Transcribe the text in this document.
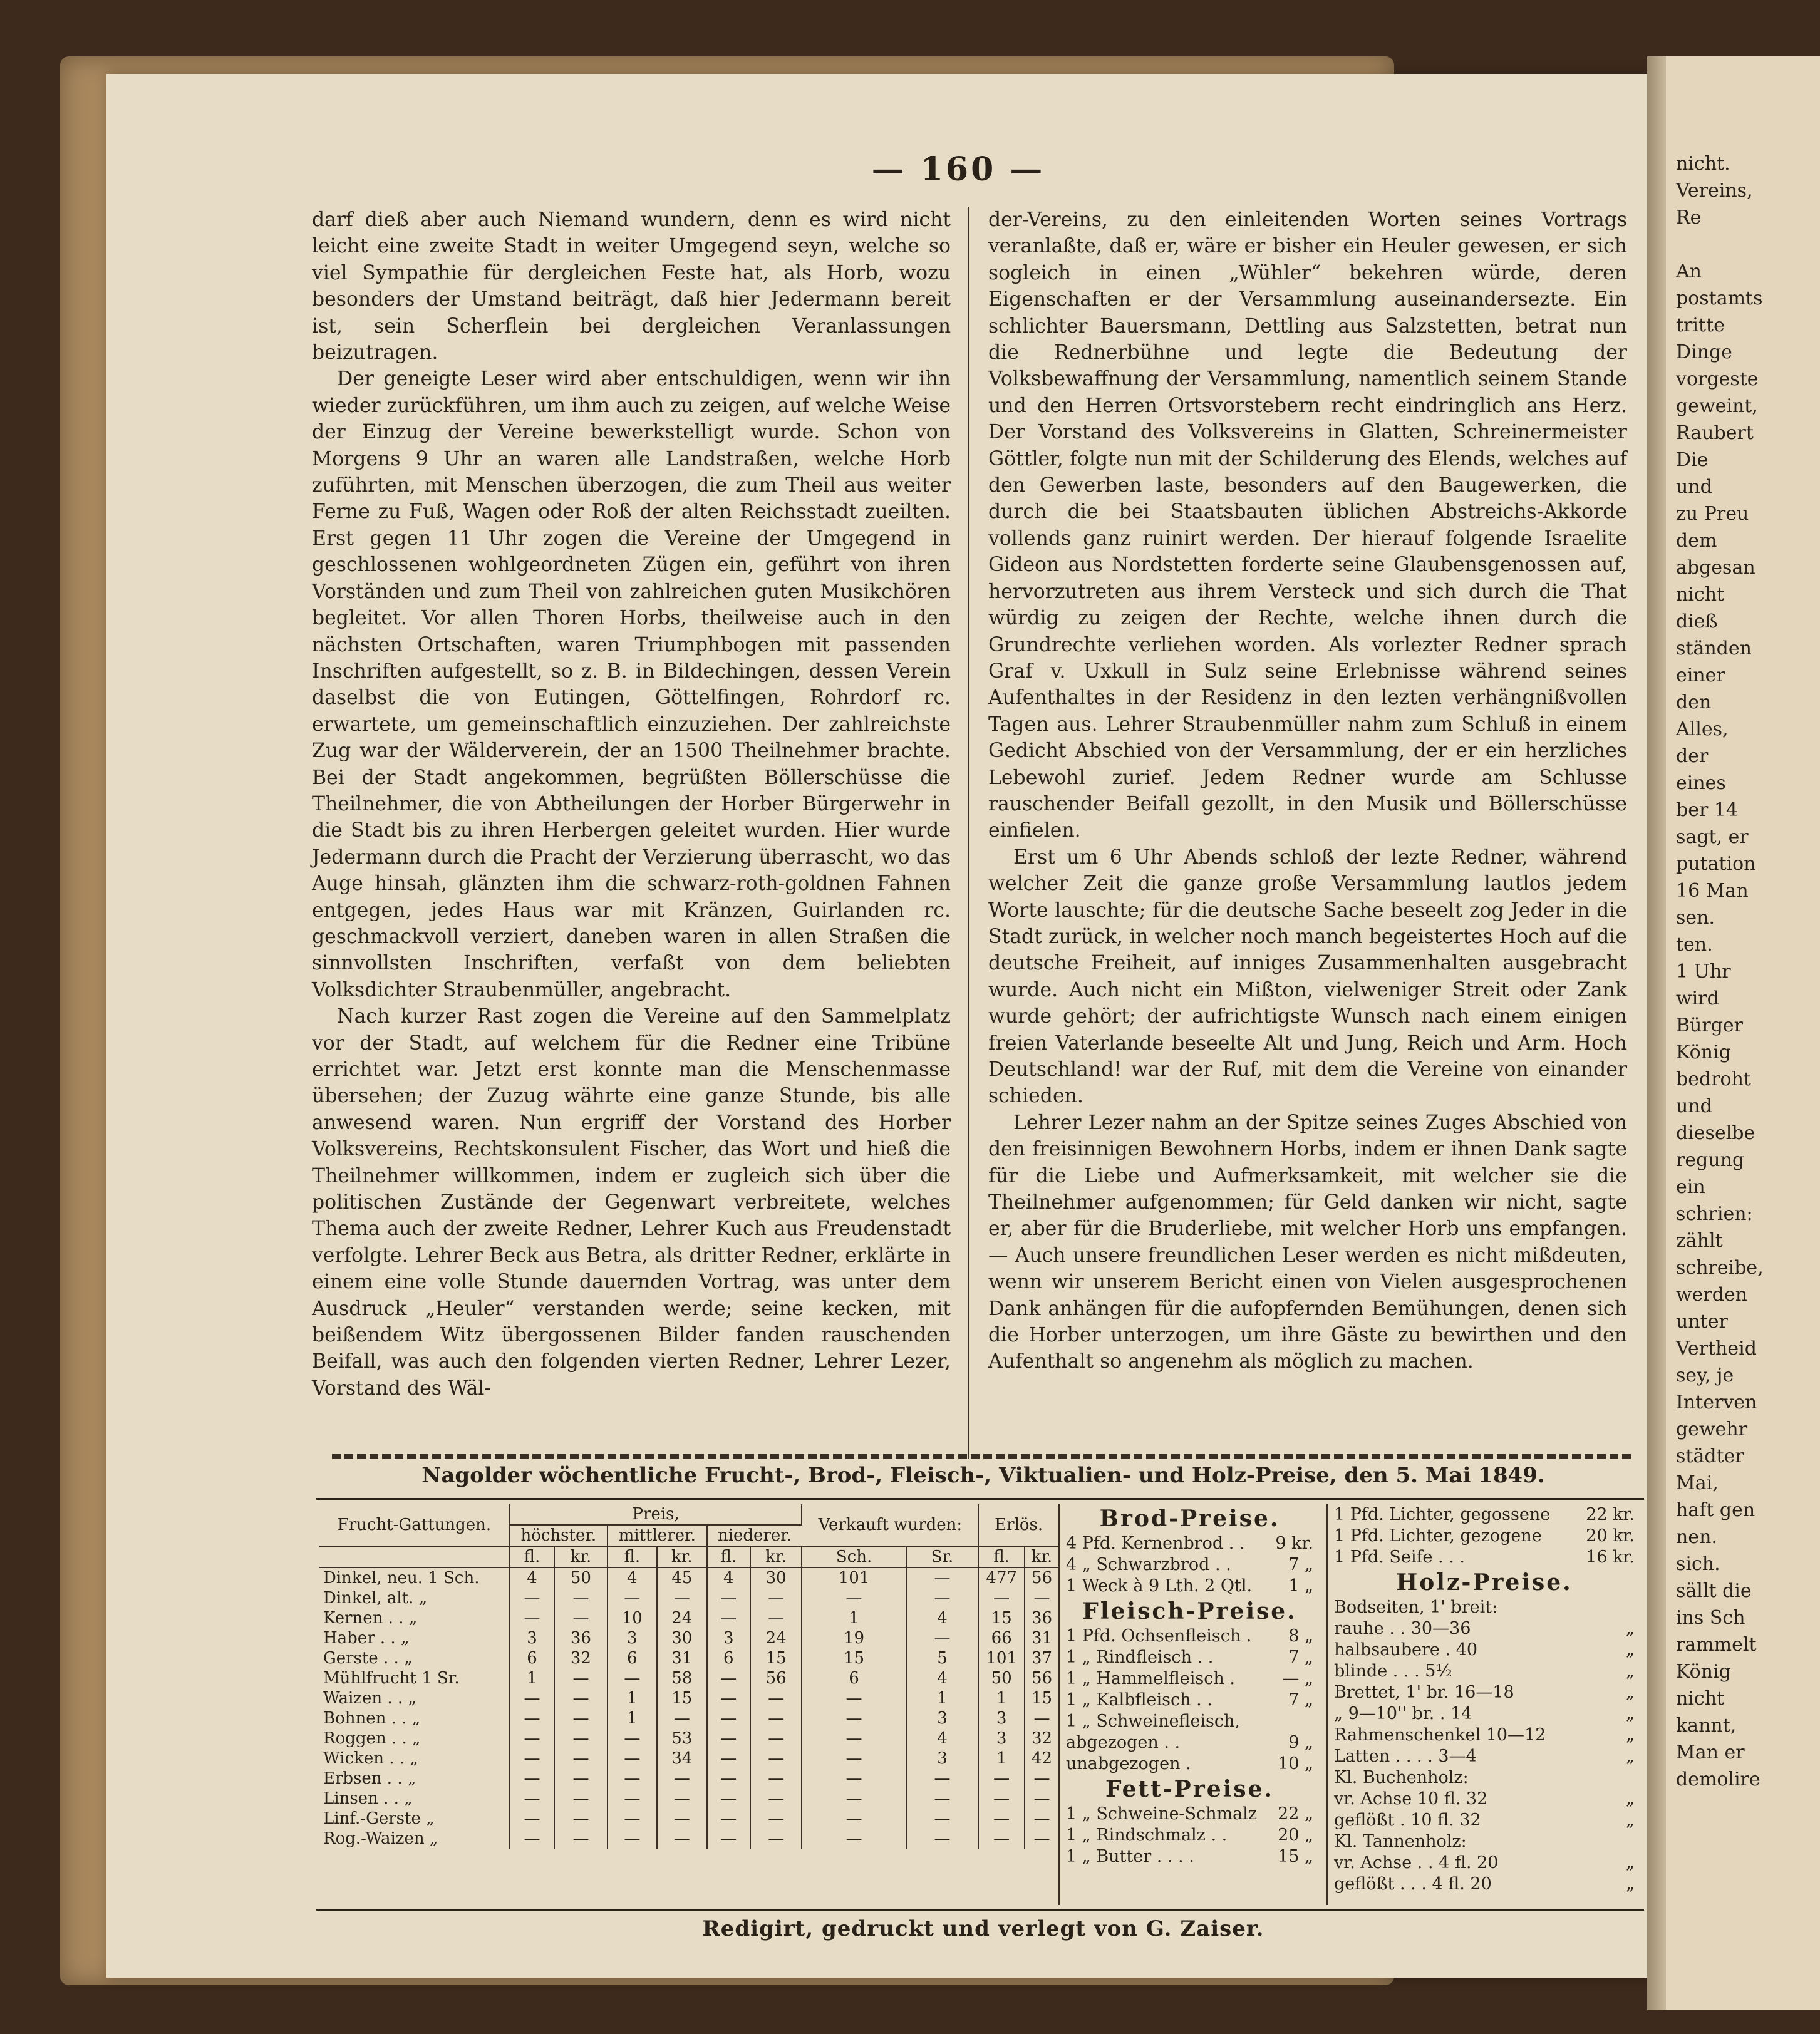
nicht.
Vereins,
Re

An
postamts
tritte
Dinge
vorgeste
geweint,
Raubert
Die
und
zu Preu
dem
abgesan
nicht
dieß
ständen
einer
den
Alles,
der
eines
ber 14
sagt, er
putation
16 Man
sen.
ten.
1 Uhr
wird
Bürger
König
bedroht
und
dieselbe
regung
ein
schrien:
zählt
schreibe,
werden
unter
Vertheid
sey, je
Interven
gewehr
städter
Mai,
haft gen
nen.
sich.
sällt die
ins Sch
rammelt
König
nicht
kannt,
Man er
demolire
— 160 —

darf dieß aber auch Niemand wundern, denn es wird nicht leicht eine zweite Stadt in weiter Umgegend seyn, welche so viel Sympathie für dergleichen Feste hat, als Horb, wozu besonders der Umstand beiträgt, daß hier Jedermann bereit ist, sein Scherflein bei dergleichen Veranlassungen beizutragen.

Der geneigte Leser wird aber entschuldigen, wenn wir ihn wieder zurückführen, um ihm auch zu zeigen, auf welche Weise der Einzug der Vereine bewerkstelligt wurde. Schon von Morgens 9 Uhr an waren alle Landstraßen, welche Horb zuführten, mit Menschen überzogen, die zum Theil aus weiter Ferne zu Fuß, Wagen oder Roß der alten Reichsstadt zueilten. Erst gegen 11 Uhr zogen die Vereine der Umgegend in geschlossenen wohlgeordneten Zügen ein, geführt von ihren Vorständen und zum Theil von zahlreichen guten Musikchören begleitet. Vor allen Thoren Horbs, theilweise auch in den nächsten Ortschaften, waren Triumphbogen mit passenden Inschriften aufgestellt, so z. B. in Bildechingen, dessen Verein daselbst die von Eutingen, Göttelfingen, Rohrdorf rc. erwartete, um gemeinschaftlich einzuziehen. Der zahlreichste Zug war der Wälderverein, der an 1500 Theilnehmer brachte. Bei der Stadt angekommen, begrüßten Böllerschüsse die Theilnehmer, die von Abtheilungen der Horber Bürgerwehr in die Stadt bis zu ihren Herbergen geleitet wurden. Hier wurde Jedermann durch die Pracht der Verzierung überrascht, wo das Auge hinsah, glänzten ihm die schwarz-roth-goldnen Fahnen entgegen, jedes Haus war mit Kränzen, Guirlanden rc. geschmackvoll verziert, daneben waren in allen Straßen die sinnvollsten Inschriften, verfaßt von dem beliebten Volksdichter Straubenmüller, angebracht.

Nach kurzer Rast zogen die Vereine auf den Sammelplatz vor der Stadt, auf welchem für die Redner eine Tribüne errichtet war. Jetzt erst konnte man die Menschenmasse übersehen; der Zuzug währte eine ganze Stunde, bis alle anwesend waren. Nun ergriff der Vorstand des Horber Volksvereins, Rechtskonsulent Fischer, das Wort und hieß die Theilnehmer willkommen, indem er zugleich sich über die politischen Zustände der Gegenwart verbreitete, welches Thema auch der zweite Redner, Lehrer Kuch aus Freudenstadt verfolgte. Lehrer Beck aus Betra, als dritter Redner, erklärte in einem eine volle Stunde dauernden Vortrag, was unter dem Ausdruck „Heuler“ verstanden werde; seine kecken, mit beißendem Witz übergossenen Bilder fanden rauschenden Beifall, was auch den folgenden vierten Redner, Lehrer Lezer, Vorstand des Wäl-

der-Vereins, zu den einleitenden Worten seines Vortrags veranlaßte, daß er, wäre er bisher ein Heuler gewesen, er sich sogleich in einen „Wühler“ bekehren würde, deren Eigenschaften er der Versammlung auseinandersezte. Ein schlichter Bauersmann, Dettling aus Salzstetten, betrat nun die Rednerbühne und legte die Bedeutung der Volksbewaffnung der Versammlung, namentlich seinem Stande und den Herren Ortsvorstebern recht eindringlich ans Herz. Der Vorstand des Volksvereins in Glatten, Schreinermeister Göttler, folgte nun mit der Schilderung des Elends, welches auf den Gewerben laste, besonders auf den Baugewerken, die durch die bei Staatsbauten üblichen Abstreichs-Akkorde vollends ganz ruinirt werden. Der hierauf folgende Israelite Gideon aus Nordstetten forderte seine Glaubensgenossen auf, hervorzutreten aus ihrem Versteck und sich durch die That würdig zu zeigen der Rechte, welche ihnen durch die Grundrechte verliehen worden. Als vorlezter Redner sprach Graf v. Uxkull in Sulz seine Erlebnisse während seines Aufenthaltes in der Residenz in den lezten verhängnißvollen Tagen aus. Lehrer Straubenmüller nahm zum Schluß in einem Gedicht Abschied von der Versammlung, der er ein herzliches Lebewohl zurief. Jedem Redner wurde am Schlusse rauschender Beifall gezollt, in den Musik und Böllerschüsse einfielen.

Erst um 6 Uhr Abends schloß der lezte Redner, während welcher Zeit die ganze große Versammlung lautlos jedem Worte lauschte; für die deutsche Sache beseelt zog Jeder in die Stadt zurück, in welcher noch manch begeistertes Hoch auf die deutsche Freiheit, auf inniges Zusammenhalten ausgebracht wurde. Auch nicht ein Mißton, vielweniger Streit oder Zank wurde gehört; der aufrichtigste Wunsch nach einem einigen freien Vaterlande beseelte Alt und Jung, Reich und Arm. Hoch Deutschland! war der Ruf, mit dem die Vereine von einander schieden.

Lehrer Lezer nahm an der Spitze seines Zuges Abschied von den freisinnigen Bewohnern Horbs, indem er ihnen Dank sagte für die Liebe und Aufmerksamkeit, mit welcher sie die Theilnehmer aufgenommen; für Geld danken wir nicht, sagte er, aber für die Bruderliebe, mit welcher Horb uns empfangen. — Auch unsere freundlichen Leser werden es nicht mißdeuten, wenn wir unserem Bericht einen von Vielen ausgesprochenen Dank anhängen für die aufopfernden Bemühungen, denen sich die Horber unterzogen, um ihre Gäste zu bewirthen und den Aufenthalt so angenehm als möglich zu machen.

Nagolder wöchentliche Frucht-, Brod-, Fleisch-, Viktualien- und Holz-Preise, den 5. Mai 1849.
Frucht-Gattungen.	Preis,						Verkauft wurden:		Erlös.	
	höchster.		mittlerer.		niederer.					
	fl.	kr.	fl.	kr.	fl.	kr.	Sch.	Sr.	fl.	kr.
Dinkel, neu. 1 Sch.	4	50	4	45	4	30	101	—	477	56
Dinkel, alt. „	—	—	—	—	—	—	—	—	—	—
Kernen . . „	—	—	10	24	—	—	1	4	15	36
Haber . . „	3	36	3	30	3	24	19	—	66	31
Gerste . . „	6	32	6	31	6	15	15	5	101	37
Mühlfrucht 1 Sr.	1	—	—	58	—	56	6	4	50	56
Waizen . . „	—	—	1	15	—	—	—	1	1	15
Bohnen . . „	—	—	1	—	—	—	—	3	3	—
Roggen . . „	—	—	—	53	—	—	—	4	3	32
Wicken . . „	—	—	—	34	—	—	—	3	1	42
Erbsen . . „	—	—	—	—	—	—	—	—	—	—
Linsen . . „	—	—	—	—	—	—	—	—	—	—
Linf.-Gerste „	—	—	—	—	—	—	—	—	—	—
Rog.-Waizen „	—	—	—	—	—	—	—	—	—	—
Brod-Preise.
4 Pfd. Kernenbrod . . 9 kr.
4 „ Schwarzbrod . .	7 „
1 Weck à 9 Lth. 2 Qtl. 1 „
Fleisch-Preise.
1 Pfd. Ochsenfleisch . 8 „
1 „ Rindfleisch . .	7 „
1 „ Hammelfleisch .	— „
1 „ Kalbfleisch . .	7 „
1 „ Schweinefleisch,
abgezogen . .	9 „
unabgezogen .	10 „
Fett-Preise.
1 „ Schweine-Schmalz 22 „
1 „ Rindschmalz . .	20 „
1 „ Butter . . . .	15 „
1 Pfd. Lichter, gegossene 22 kr.
1 Pfd. Lichter, gezogene	20 kr.
1 Pfd. Seife . . .	16 kr.
Holz-Preise.
Bodseiten, 1' breit:
rauhe . . 30—36	„
halbsaubere . 40	„
blinde . . . 5½	„
Brettet, 1' br. 16—18	„
„ 9—10'' br. . 14	„
Rahmenschenkel 10—12	„
Latten . . . . 3—4	„
Kl. Buchenholz:
vr. Achse 10 fl. 32	„
geflößt . 10 fl. 32	„
Kl. Tannenholz:
vr. Achse . . 4 fl. 20	„
geflößt . . . 4 fl. 20	„
Redigirt, gedruckt und verlegt von G. Zaiser.
